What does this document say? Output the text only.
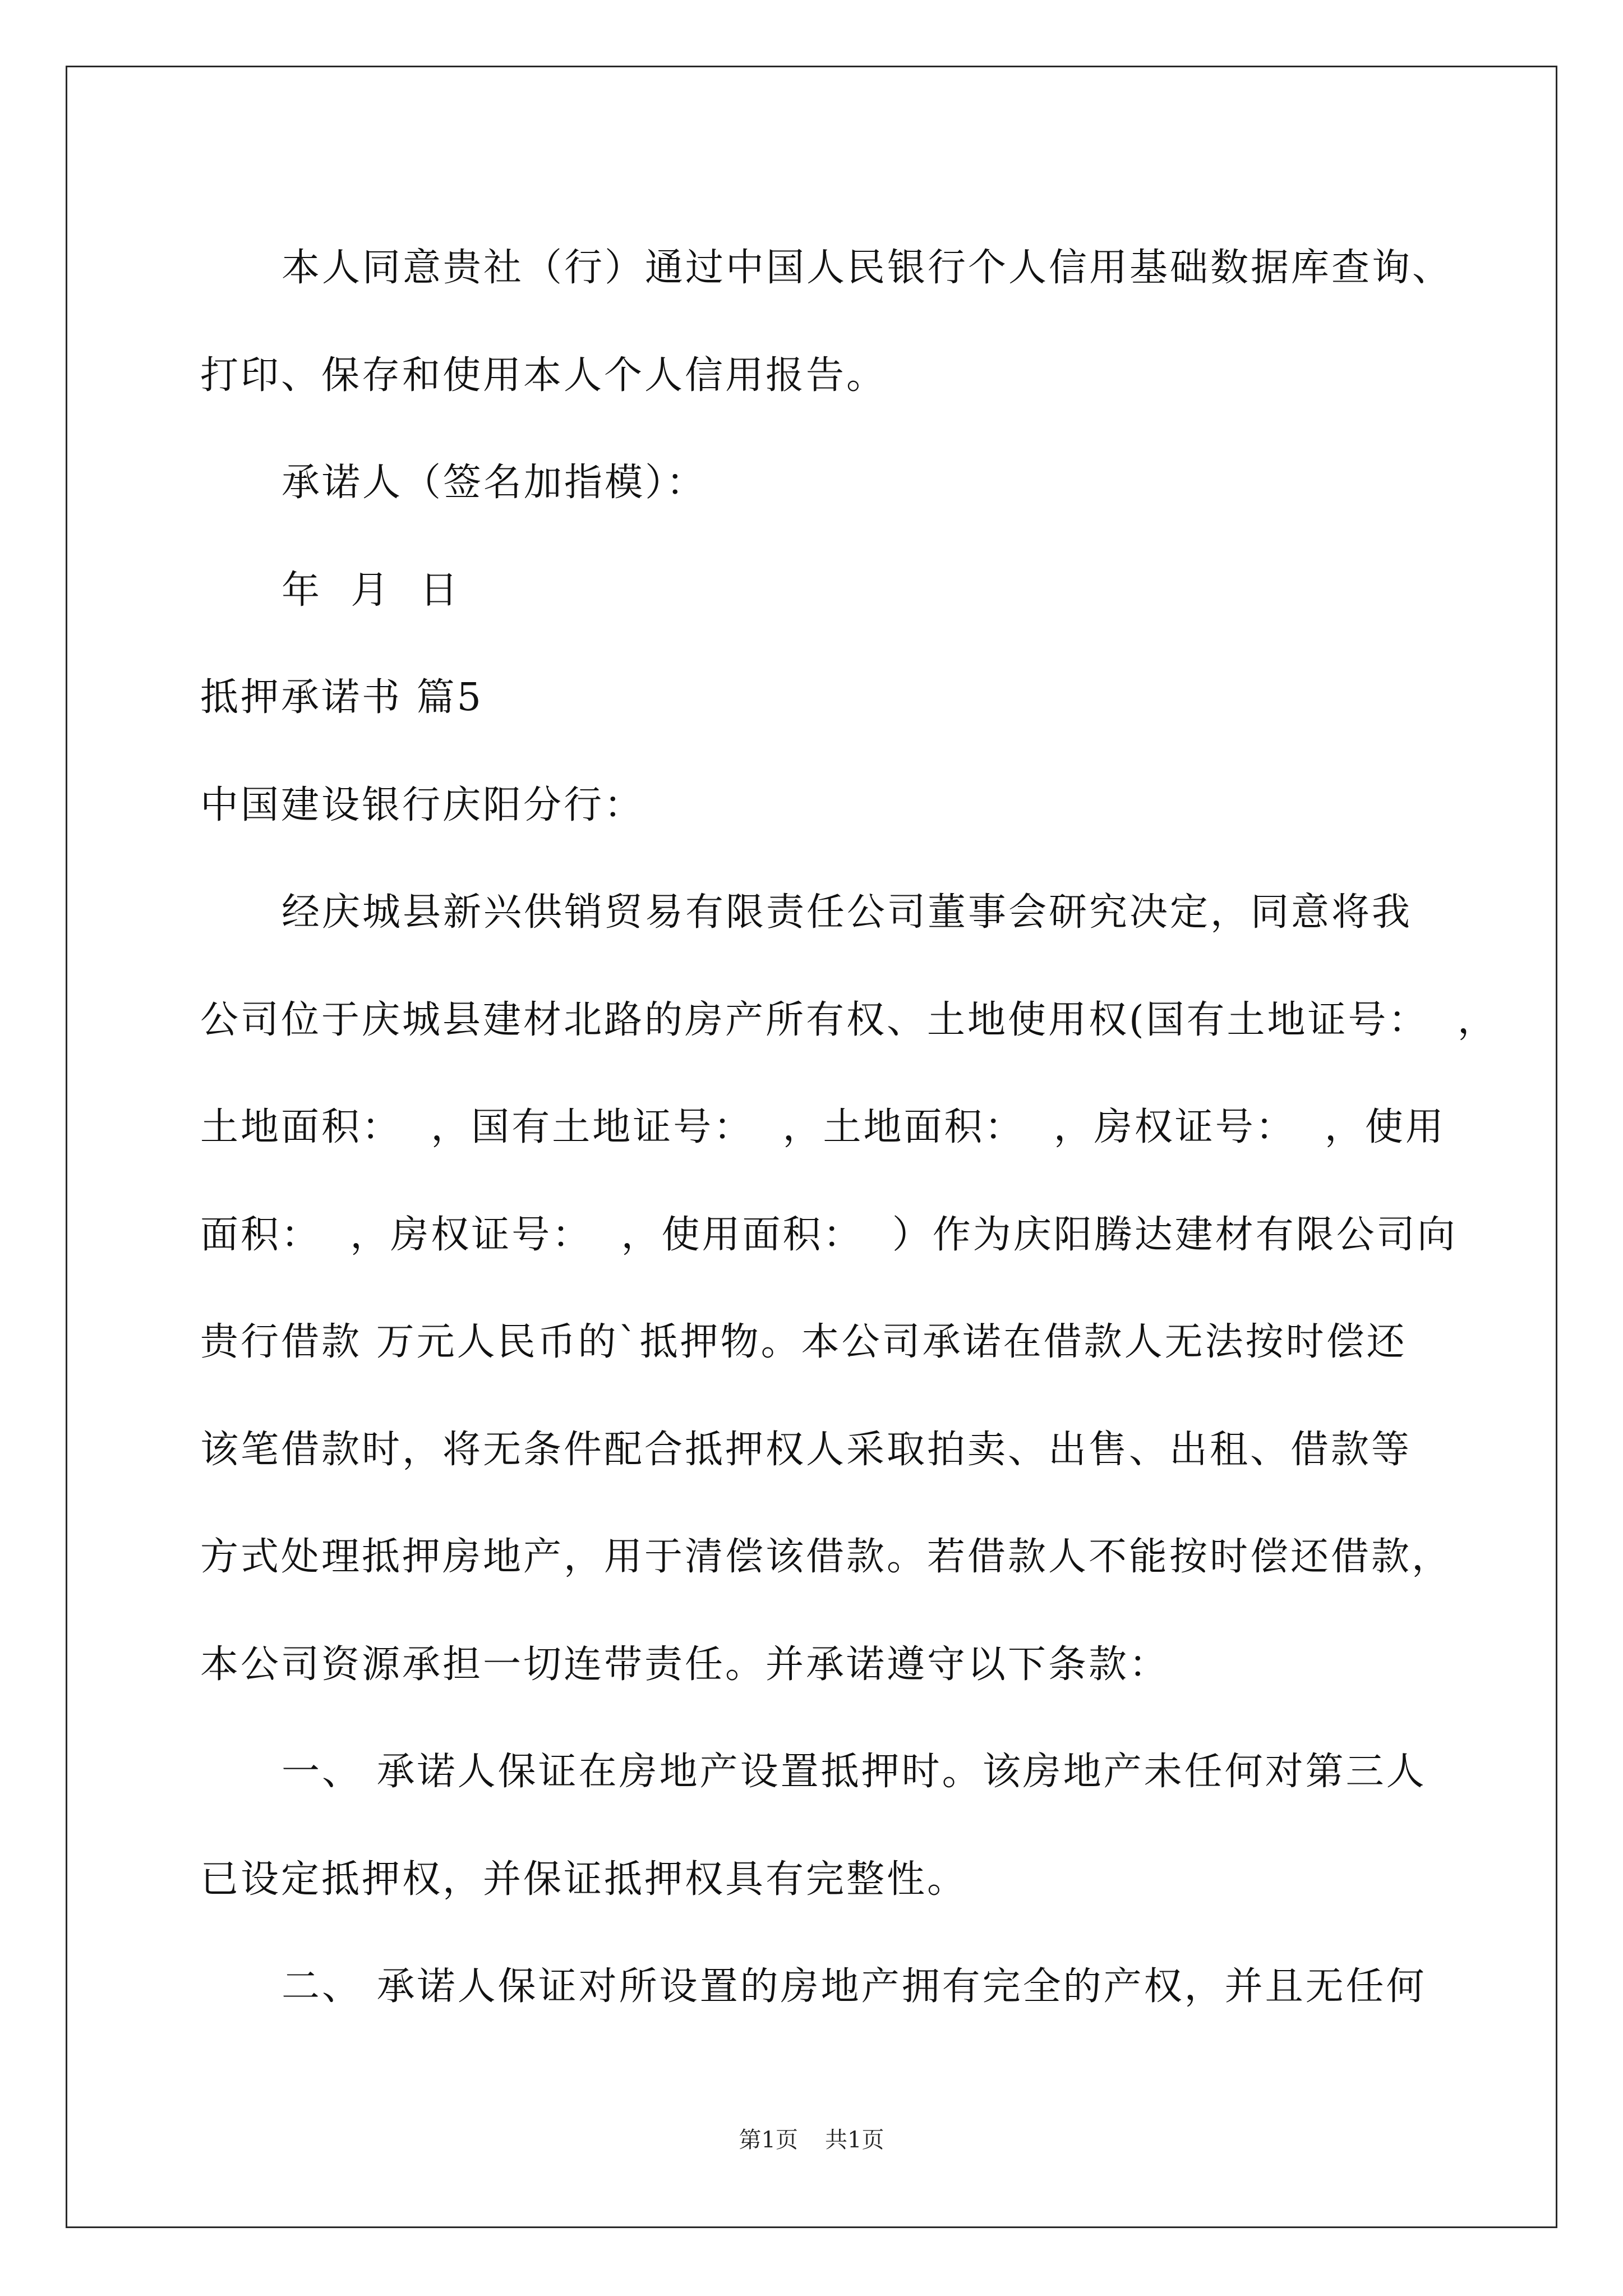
本人同意贵社（行）通过中国人民银行个人信用基础数据库查询、
打印、保存和使用本人个人信用报告。
承诺人（签名加指模）：
年  月  日
抵押承诺书 篇5
中国建设银行庆阳分行：
经庆城县新兴供销贸易有限责任公司董事会研究决定，同意将我
公司位于庆城县建材北路的房产所有权、土地使用权(国有土地证号：  ，
土地面积：  ，国有土地证号：  ，土地面积：  ，房权证号：  ，使用
面积：  ，房权证号：  ，使用面积：  ）作为庆阳腾达建材有限公司向
贵行借款 万元人民币的`抵押物。本公司承诺在借款人无法按时偿还
该笔借款时，将无条件配合抵押权人采取拍卖、出售、出租、借款等
方式处理抵押房地产，用于清偿该借款。若借款人不能按时偿还借款，
本公司资源承担一切连带责任。并承诺遵守以下条款：
一、 承诺人保证在房地产设置抵押时。该房地产未任何对第三人
已设定抵押权，并保证抵押权具有完整性。
二、 承诺人保证对所设置的房地产拥有完全的产权，并且无任何
第1页 共1页
